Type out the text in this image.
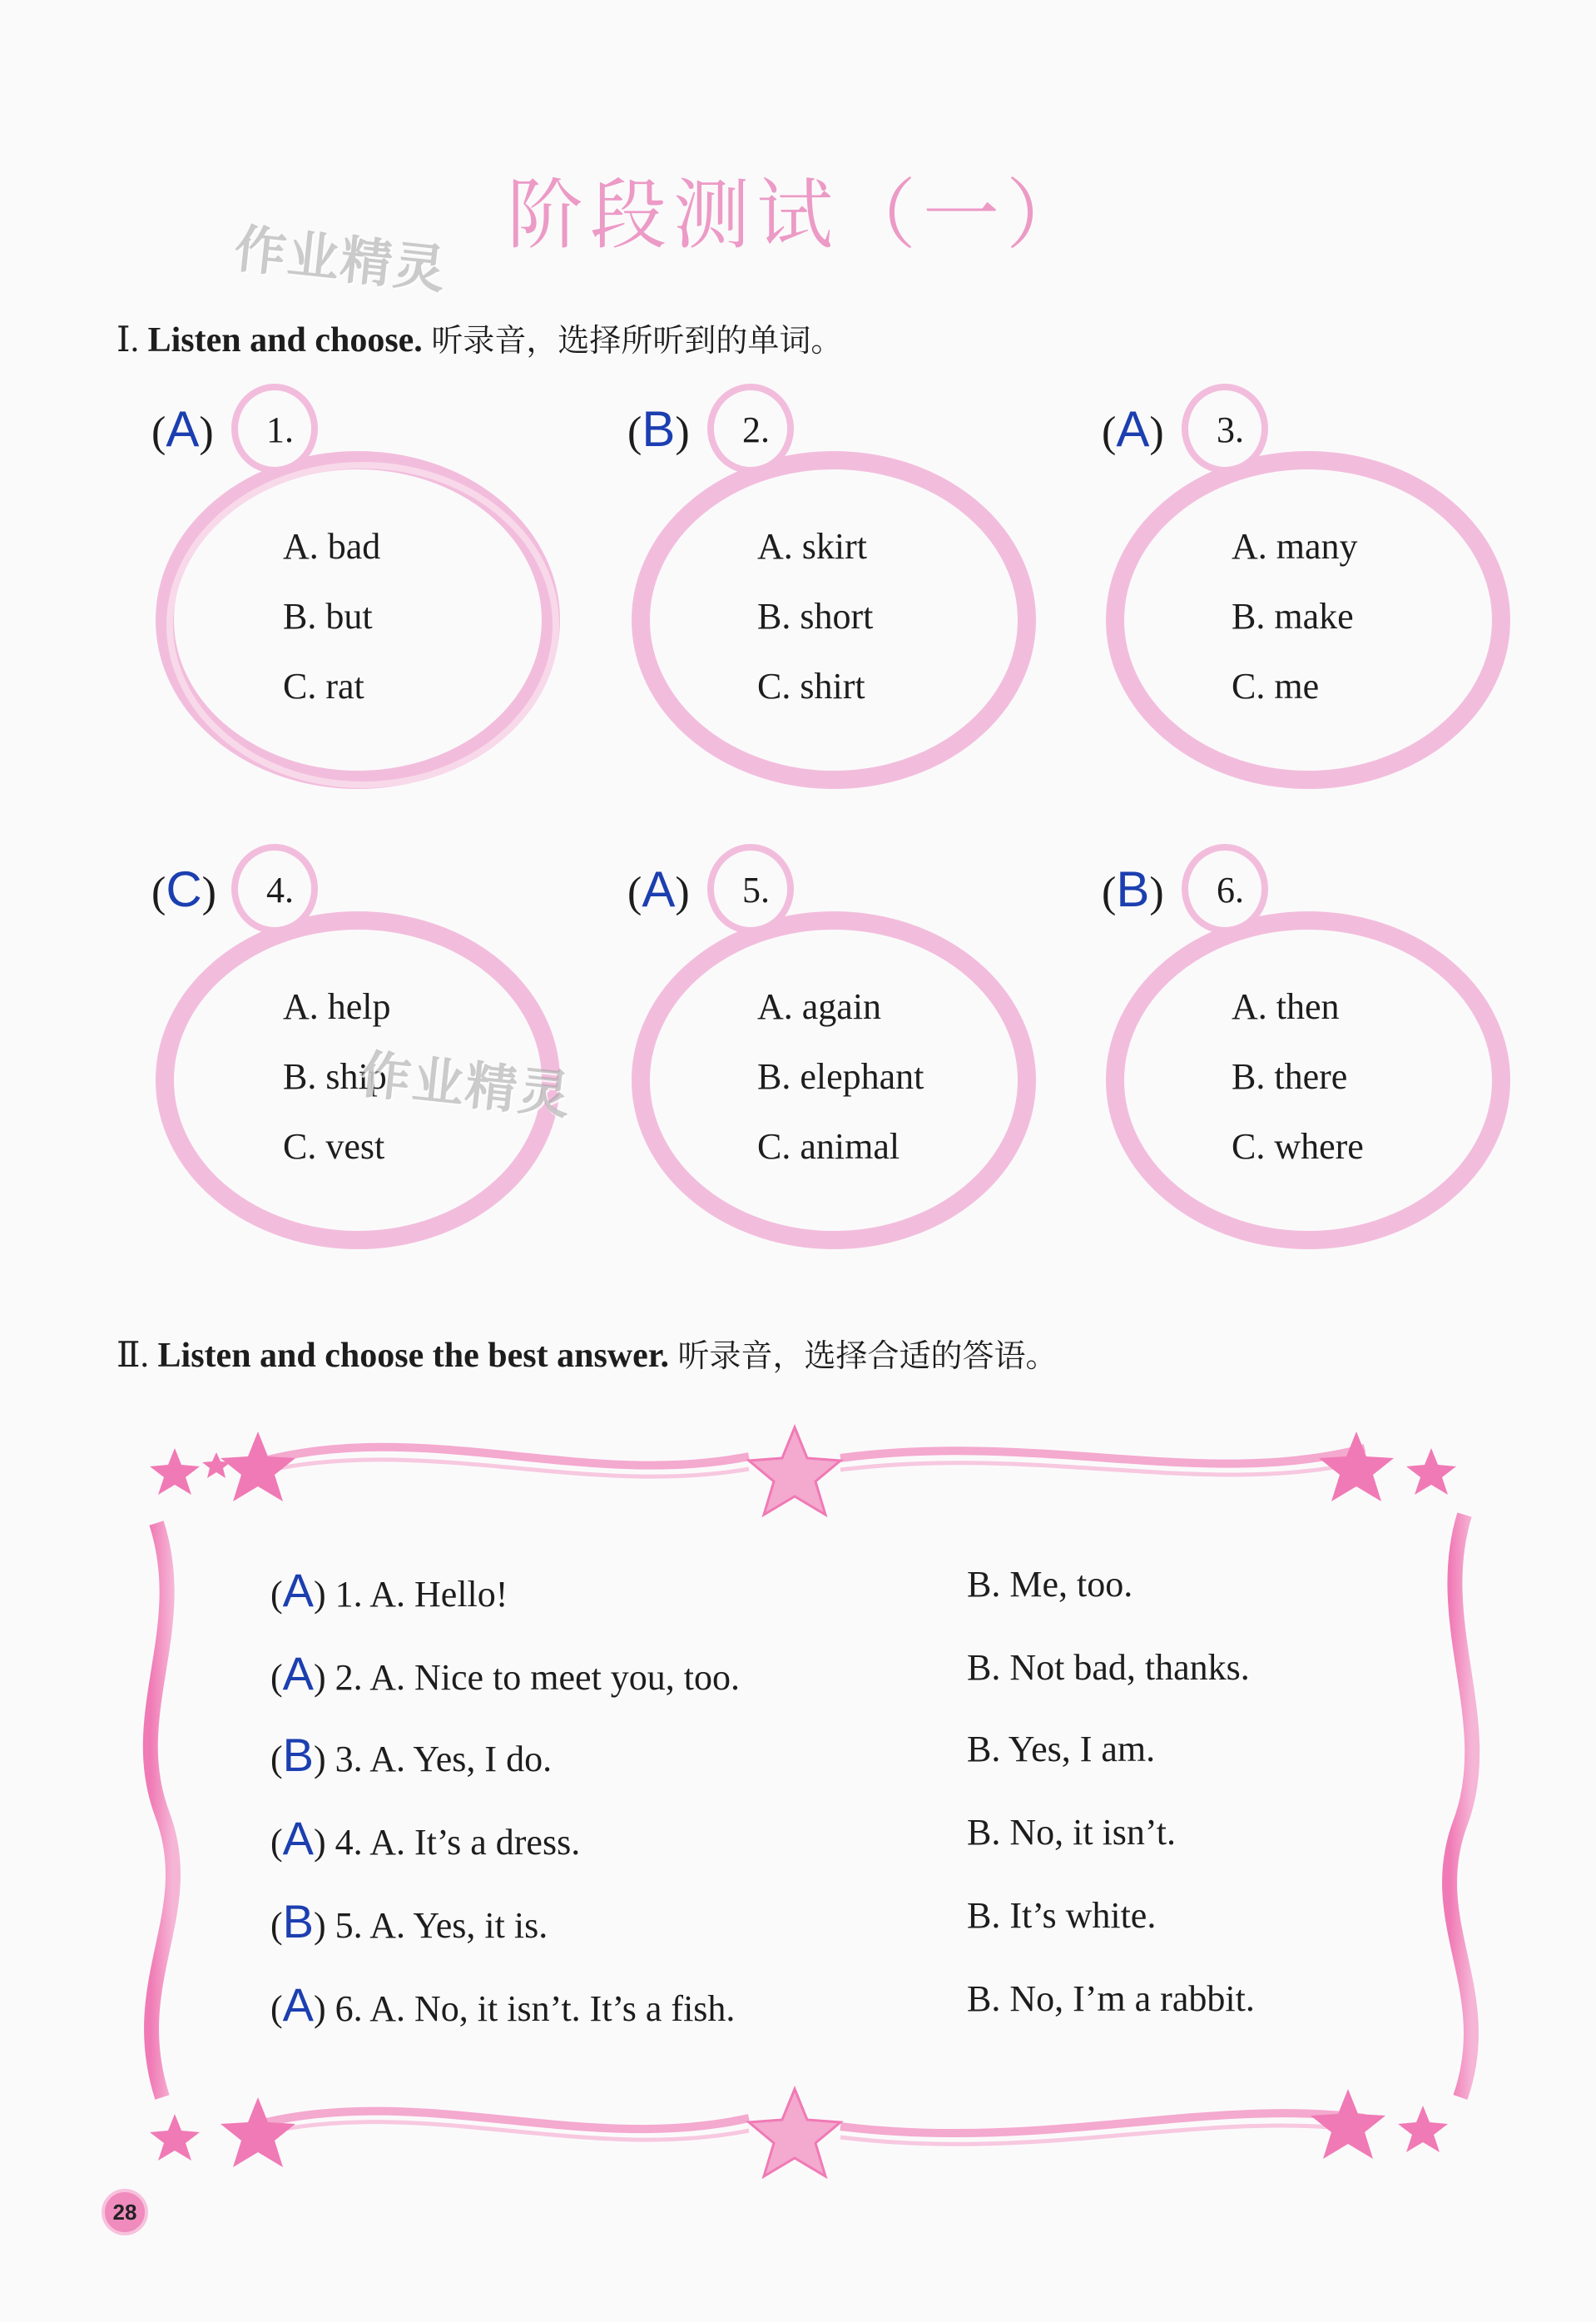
阶段测试（一）
作业精灵
Ⅰ. Listen and choose. 听录音，选择所听到的单词。
(A) 1.
A. bad
B. but
C. rat
(B) 2.
A. skirt
B. short
C. shirt
(A) 3.
A. many
B. make
C. me
(C) 4.
A. help
B. ship
C. vest
(A) 5.
A. again
B. elephant
C. animal
(B) 6.
A. then
B. there
C. where
作业精灵
Ⅱ. Listen and choose the best answer. 听录音，选择合适的答语。
(A) 1. A. Hello!	B. Me, too.
(A) 2. A. Nice to meet you, too.	B. Not bad, thanks.
(B) 3. A. Yes, I do.	B. Yes, I am.
(A) 4. A. It’s a dress.	B. No, it isn’t.
(B) 5. A. Yes, it is.	B. It’s white.
(A) 6. A. No, it isn’t. It’s a fish.	B. No, I’m a rabbit.
28
